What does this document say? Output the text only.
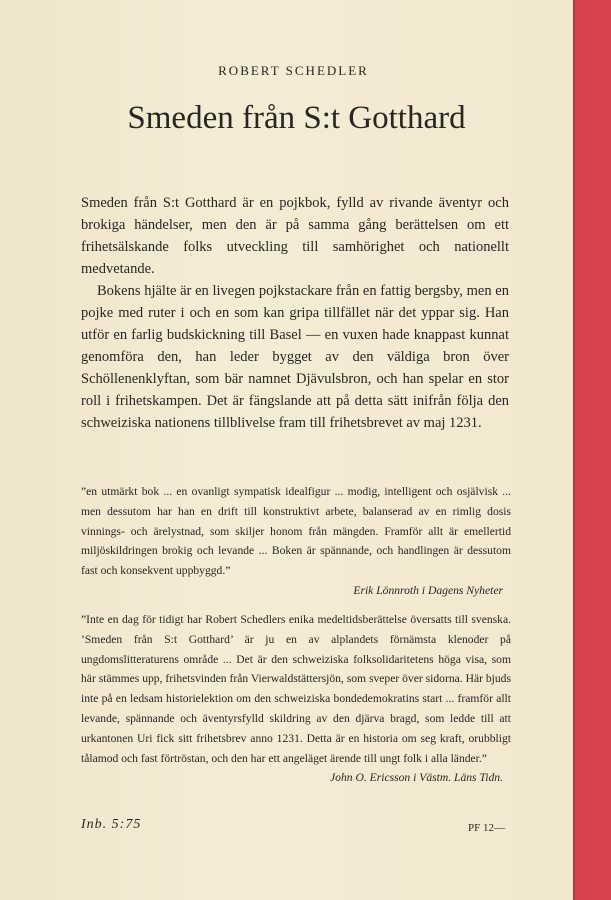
ROBERT SCHEDLER
Smeden från S:t Gotthard

Smeden från S:t Gotthard är en pojkbok, fylld av rivande äventyr och brokiga händelser, men den är på samma gång berättelsen om ett frihetsälskande folks utveckling till samhörighet och nationellt medvetande.

Bokens hjälte är en livegen pojkstackare från en fattig bergsby, men en pojke med ruter i och en som kan gripa tillfället när det yppar sig. Han utför en farlig budskickning till Basel — en vuxen hade knappast kunnat genomföra den, han leder bygget av den väldiga bron över Schöllenenklyftan, som bär namnet Djävulsbron, och han spelar en stor roll i frihetskampen. Det är fängslande att på detta sätt inifrån följa den schweiziska nationens tillblivelse fram till frihetsbrevet av maj 1231.

”en utmärkt bok ... en ovanligt sympatisk idealfigur ... modig, intelligent och osjälvisk ... men dessutom har han en drift till konstruktivt arbete, balanserad av en rimlig dosis vinnings- och ärelystnad, som skiljer honom från mängden. Framför allt är emellertid miljöskildringen brokig och levande ... Boken är spännande, och handlingen är dessutom fast och konsekvent uppbyggd.”

Erik Lönnroth i Dagens Nyheter

”Inte en dag för tidigt har Robert Schedlers enika medeltidsberättelse översatts till svenska. ’Smeden från S:t Gotthard’ är ju en av alplandets förnämsta klenoder på ungdomslitteraturens område ... Det är den schweiziska folksolidaritetens höga visa, som här stämmes upp, frihetsvinden från Vierwaldstättersjön, som sveper över sidorna. Här bjuds inte på en ledsam historielektion om den schweiziska bondedemokratins start ... framför allt levande, spännande och äventyrsfylld skildring av den djärva bragd, som ledde till att urkantonen Uri fick sitt frihetsbrev anno 1231. Detta är en historia om seg kraft, orubbligt tålamod och fast förtröstan, och den har ett angeläget ärende till ungt folk i alla länder.”

John O. Ericsson i Västm. Läns Tidn.
Inb. 5:75	PF 12—
